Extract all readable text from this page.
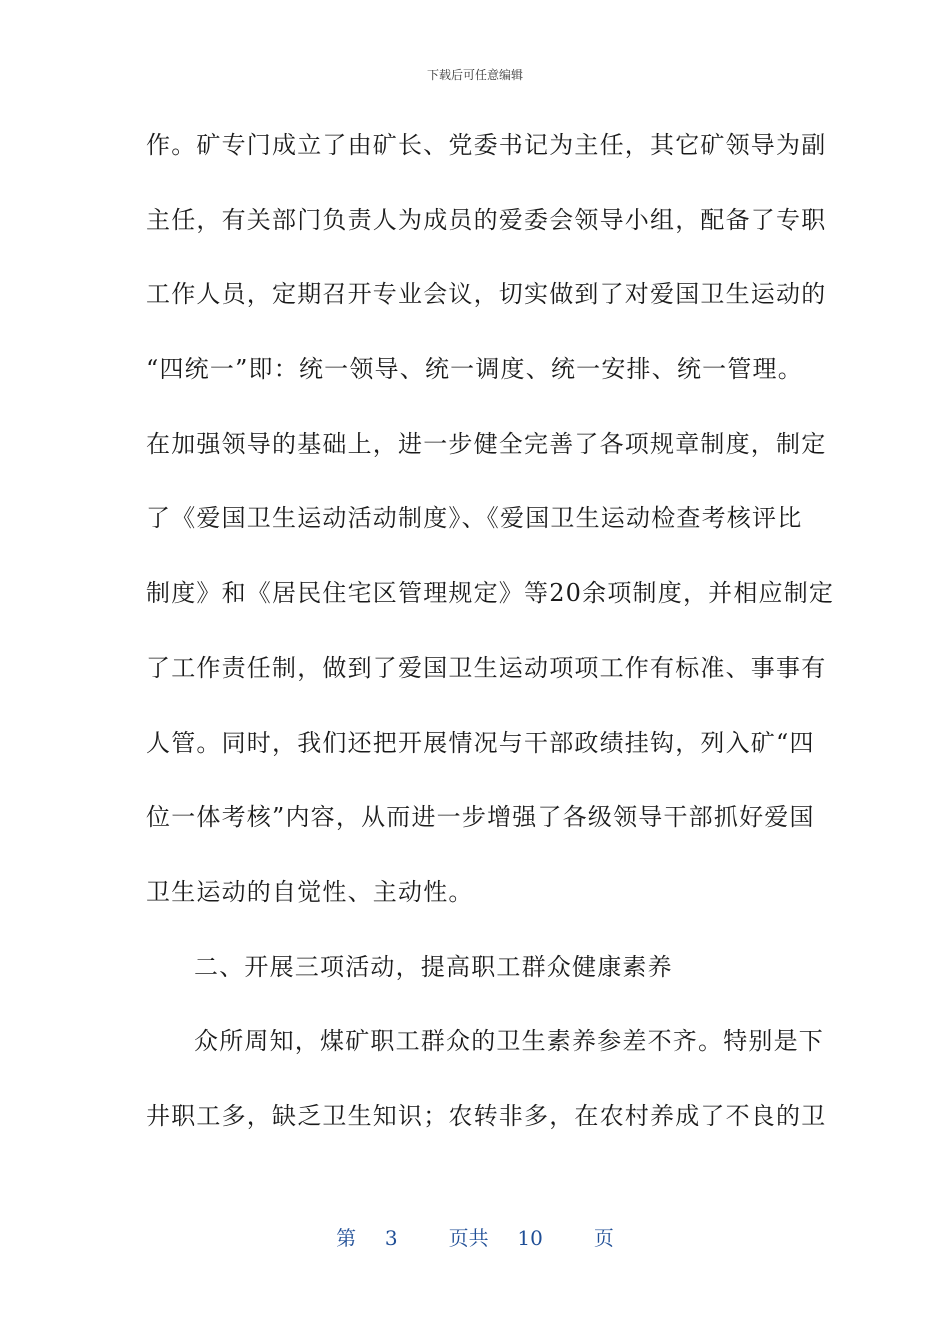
下载后可任意编辑
作。矿专门成立了由矿长、党委书记为主任，其它矿领导为副
主任，有关部门负责人为成员的爱委会领导小组，配备了专职
工作人员，定期召开专业会议，切实做到了对爱国卫生运动的
“四统一”即：统一领导、统一调度、统一安排、统一管理。
在加强领导的基础上，进一步健全完善了各项规章制度，制定
了《爱国卫生运动活动制度》、《爱国卫生运动检查考核评比
制度》和《居民住宅区管理规定》等20余项制度，并相应制定
了工作责任制，做到了爱国卫生运动项项工作有标准、事事有
人管。同时，我们还把开展情况与干部政绩挂钩，列入矿“四
位一体考核”内容，从而进一步增强了各级领导干部抓好爱国
卫生运动的自觉性、主动性。
二、开展三项活动，提高职工群众健康素养
众所周知，煤矿职工群众的卫生素养参差不齐。特别是下
井职工多，缺乏卫生知识；农转非多，在农村养成了不良的卫
第 3	页共 10	页
